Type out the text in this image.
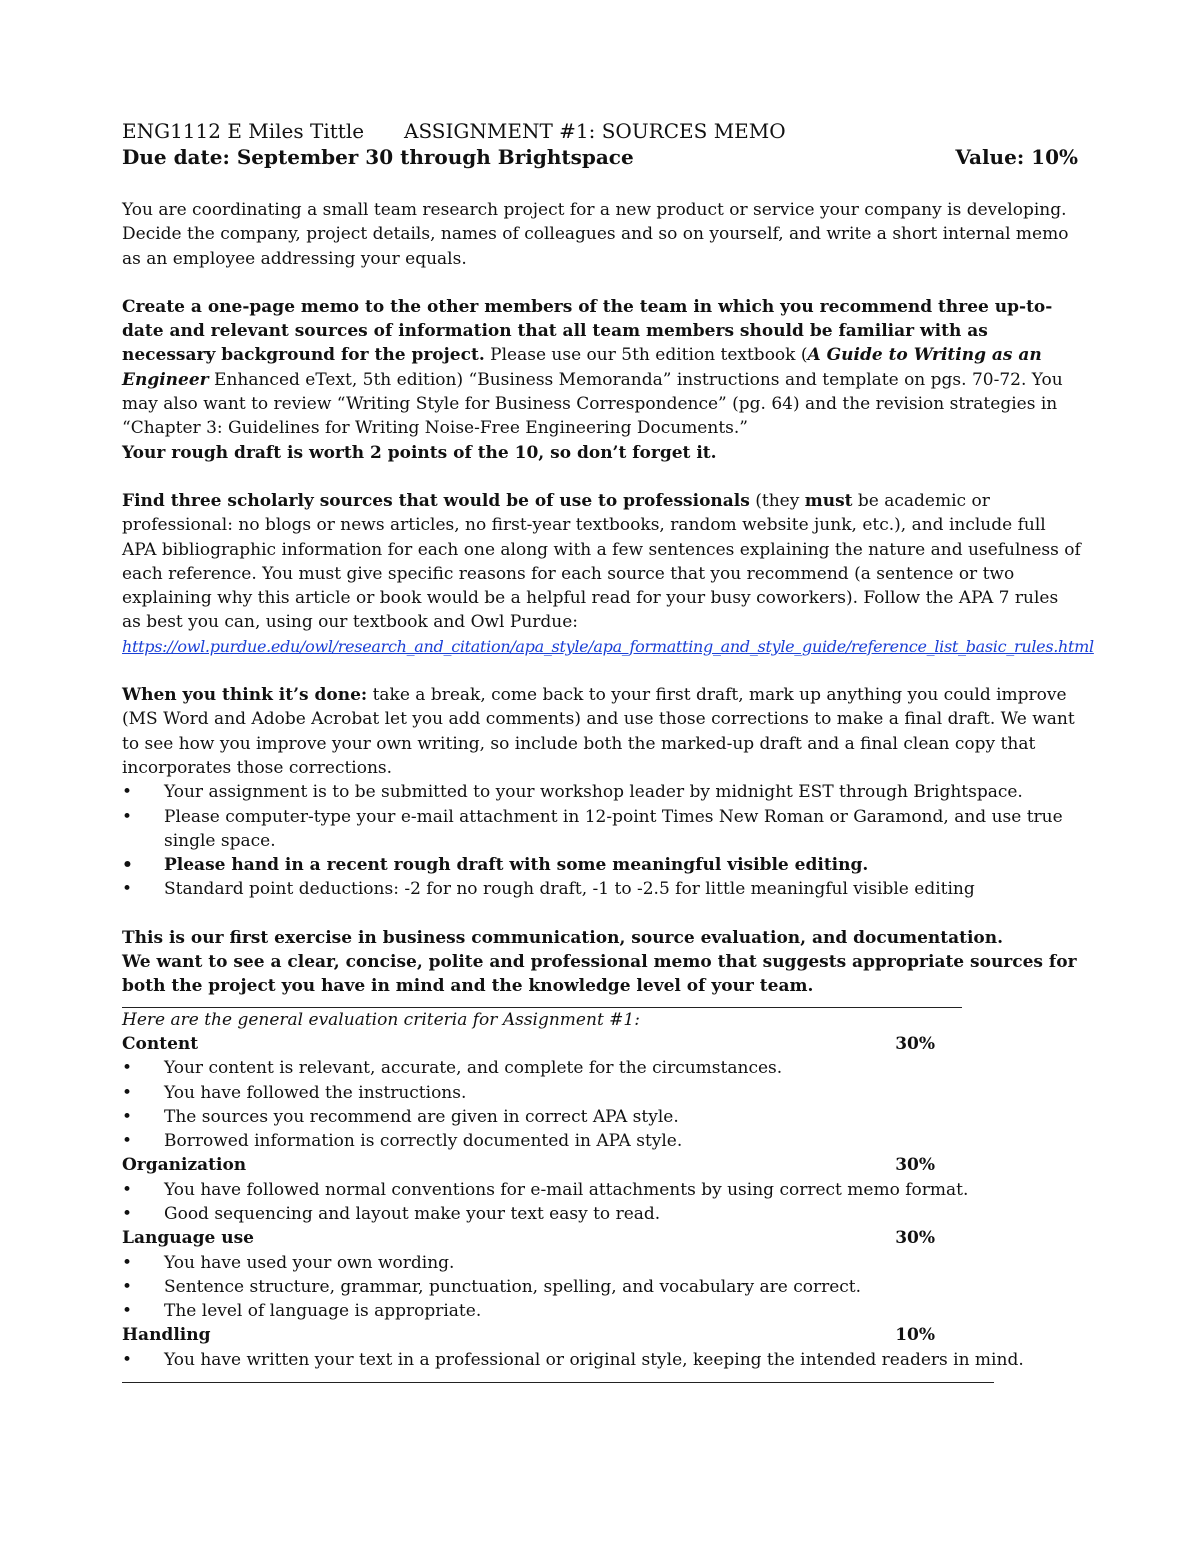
ENG1112 E Miles Tittle	ASSIGNMENT #1: SOURCES MEMO
Due date: September 30 through Brightspace	Value: 10%

You are coordinating a small team research project for a new product or service your company is developing. Decide the company, project details, names of colleagues and so on yourself, and write a short internal memo as an employee addressing your equals.

Create a one-page memo to the other members of the team in which you recommend three up-to-date and relevant sources of information that all team members should be familiar with as necessary background for the project. Please use our 5th edition textbook (A Guide to Writing as an Engineer Enhanced eText, 5th edition) “Business Memoranda” instructions and template on pgs. 70-72. You may also want to review “Writing Style for Business Correspondence” (pg. 64) and the revision strategies in “Chapter 3: Guidelines for Writing Noise-Free Engineering Documents.”

Your rough draft is worth 2 points of the 10, so don’t forget it.

Find three scholarly sources that would be of use to professionals (they must be academic or professional: no blogs or news articles, no first-year textbooks, random website junk, etc.), and include full APA bibliographic information for each one along with a few sentences explaining the nature and usefulness of each reference. You must give specific reasons for each source that you recommend (a sentence or two explaining why this article or book would be a helpful read for your busy coworkers). Follow the APA 7 rules as best you can, using our textbook and Owl Purdue:

https://owl.purdue.edu/owl/research_and_citation/apa_style/apa_formatting_and_style_guide/reference_list_basic_rules.html

When you think it’s done: take a break, come back to your first draft, mark up anything you could improve (MS Word and Adobe Acrobat let you add comments) and use those corrections to make a final draft. We want to see how you improve your own writing, so include both the marked-up draft and a final clean copy that incorporates those corrections.

• Your assignment is to be submitted to your workshop leader by midnight EST through Brightspace.
• Please computer-type your e-mail attachment in 12-point Times New Roman or Garamond, and use true single space.
• Please hand in a recent rough draft with some meaningful visible editing.
• Standard point deductions: -2 for no rough draft, -1 to -2.5 for little meaningful visible editing

This is our first exercise in business communication, source evaluation, and documentation.

We want to see a clear, concise, polite and professional memo that suggests appropriate sources for both the project you have in mind and the knowledge level of your team.

Here are the general evaluation criteria for Assignment #1:

Content	30%
• Your content is relevant, accurate, and complete for the circumstances.
• You have followed the instructions.
• The sources you recommend are given in correct APA style.
• Borrowed information is correctly documented in APA style.
Organization	30%
• You have followed normal conventions for e-mail attachments by using correct memo format.
• Good sequencing and layout make your text easy to read.
Language use	30%
• You have used your own wording.
• Sentence structure, grammar, punctuation, spelling, and vocabulary are correct.
• The level of language is appropriate.
Handling	10%
• You have written your text in a professional or original style, keeping the intended readers in mind.
